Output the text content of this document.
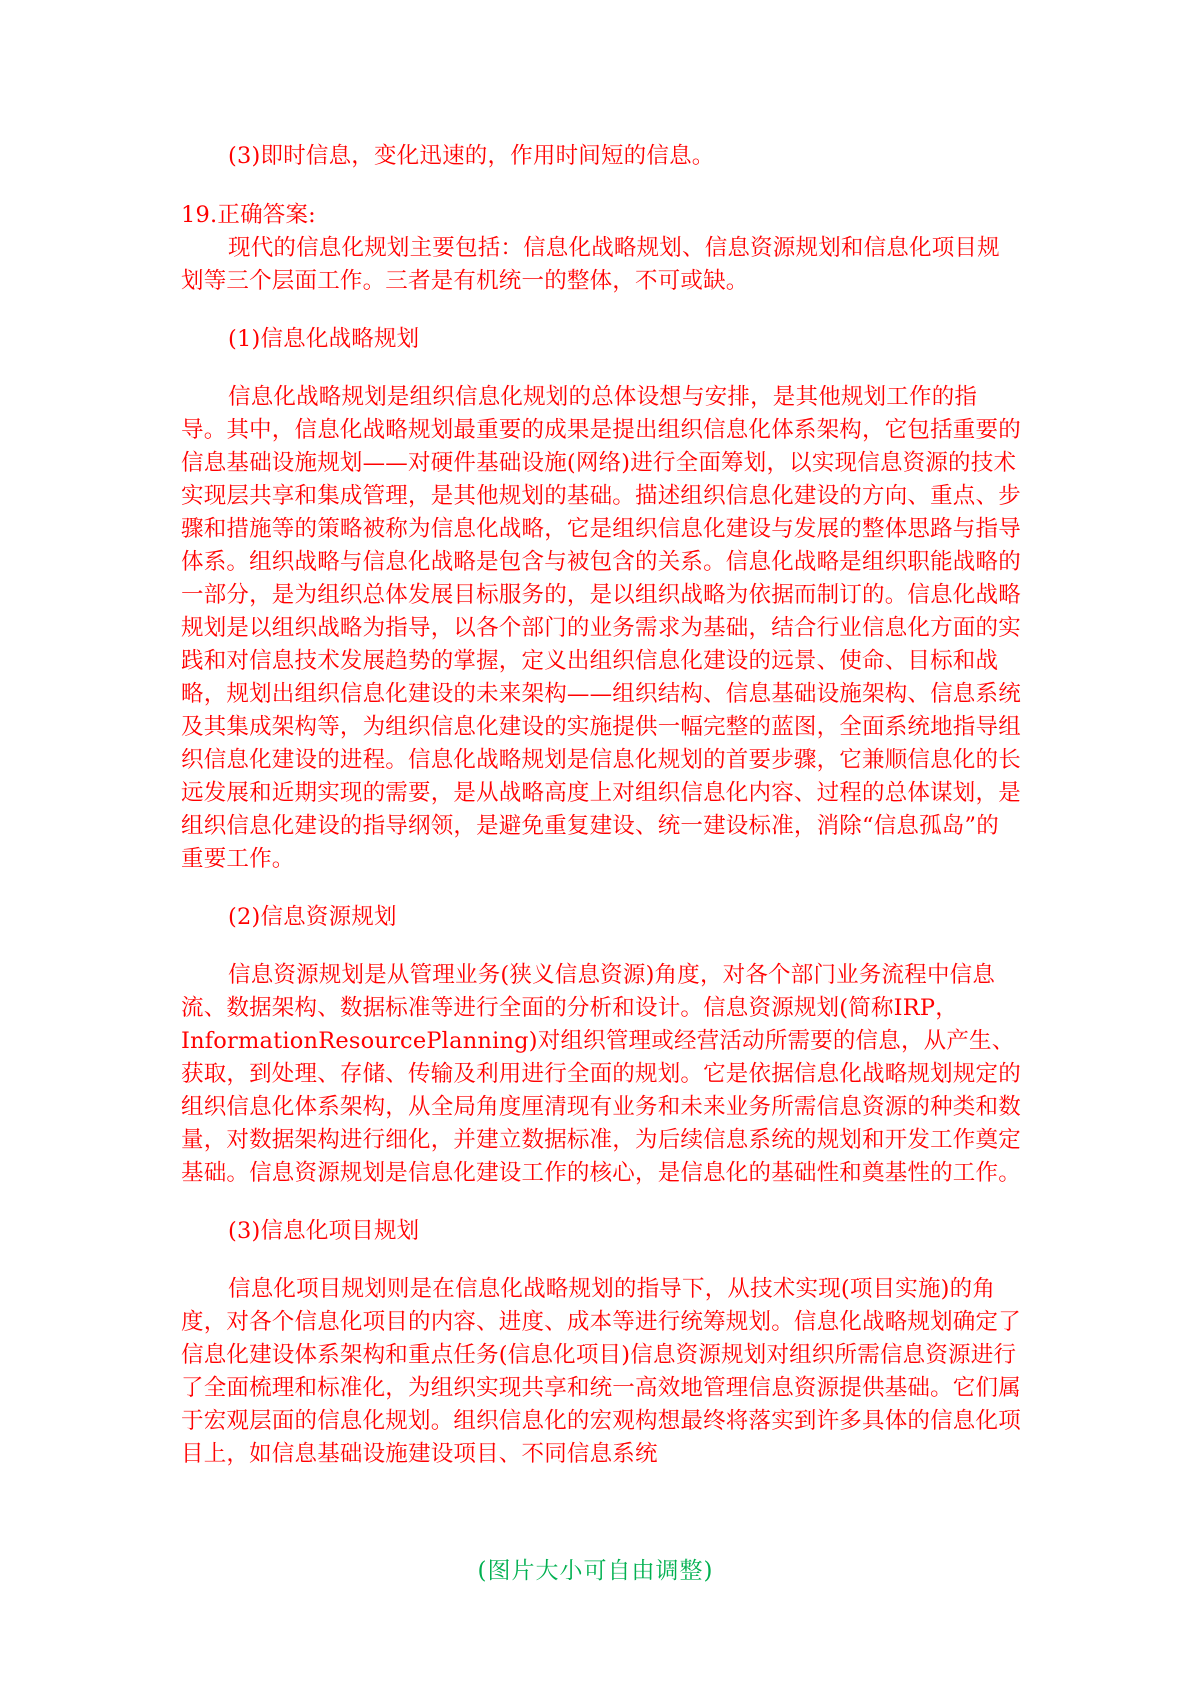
(3)即时信息，变化迅速的，作用时间短的信息。

19.正确答案:

现代的信息化规划主要包括：信息化战略规划、信息资源规划和信息化项目规划等三个层面工作。三者是有机统一的整体，不可或缺。

(1)信息化战略规划

信息化战略规划是组织信息化规划的总体设想与安排，是其他规划工作的指导。其中，信息化战略规划最重要的成果是提出组织信息化体系架构，它包括重要的信息基础设施规划——对硬件基础设施(网络)进行全面筹划，以实现信息资源的技术实现层共享和集成管理，是其他规划的基础。描述组织信息化建设的方向、重点、步骤和措施等的策略被称为信息化战略，它是组织信息化建设与发展的整体思路与指导体系。组织战略与信息化战略是包含与被包含的关系。信息化战略是组织职能战略的一部分，是为组织总体发展目标服务的，是以组织战略为依据而制订的。信息化战略规划是以组织战略为指导，以各个部门的业务需求为基础，结合行业信息化方面的实践和对信息技术发展趋势的掌握，定义出组织信息化建设的远景、使命、目标和战略，规划出组织信息化建设的未来架构——组织结构、信息基础设施架构、信息系统及其集成架构等，为组织信息化建设的实施提供一幅完整的蓝图，全面系统地指导组织信息化建设的进程。信息化战略规划是信息化规划的首要步骤，它兼顺信息化的长远发展和近期实现的需要，是从战略高度上对组织信息化内容、过程的总体谋划，是组织信息化建设的指导纲领，是避免重复建设、统一建设标准，消除“信息孤岛”的重要工作。

(2)信息资源规划

信息资源规划是从管理业务(狭义信息资源)角度，对各个部门业务流程中信息流、数据架构、数据标准等进行全面的分析和设计。信息资源规划(简称IRP，InformationResourcePlanning)对组织管理或经营活动所需要的信息，从产生、获取，到处理、存储、传输及利用进行全面的规划。它是依据信息化战略规划规定的组织信息化体系架构，从全局角度厘清现有业务和未来业务所需信息资源的种类和数量，对数据架构进行细化，并建立数据标准，为后续信息系统的规划和开发工作奠定基础。信息资源规划是信息化建设工作的核心，是信息化的基础性和奠基性的工作。

(3)信息化项目规划

信息化项目规划则是在信息化战略规划的指导下，从技术实现(项目实施)的角度，对各个信息化项目的内容、进度、成本等进行统筹规划。信息化战略规划确定了信息化建设体系架构和重点任务(信息化项目)信息资源规划对组织所需信息资源进行了全面梳理和标准化，为组织实现共享和统一高效地管理信息资源提供基础。它们属于宏观层面的信息化规划。组织信息化的宏观构想最终将落实到许多具体的信息化项目上，如信息基础设施建设项目、不同信息系统

(图片大小可自由调整)
